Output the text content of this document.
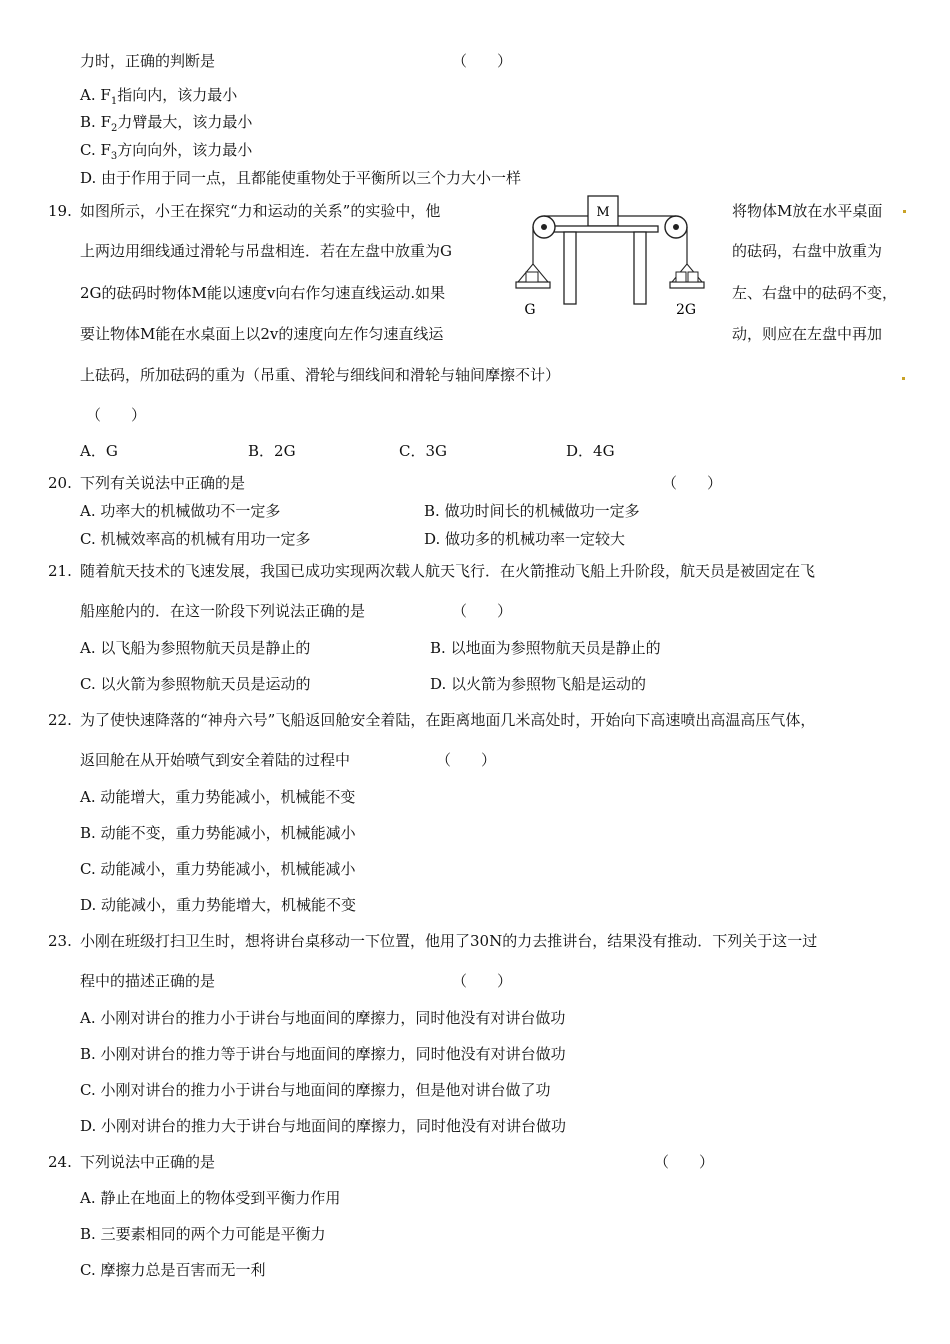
力时，正确的判断是	（　　）
A. $F_1$指向内，该力最小
B. $F_2$力臂最大，该力最小
C. $F_3$方向向外，该力最小
D. 由于作用于同一点，且都能使重物处于平衡所以三个力大小一样
19. 如图所示，小王在探究“力和运动的关系”的实验中，他	将物体M放在水平桌面
上两边用细线通过滑轮与吊盘相连．若在左盘中放重为G	的砝码，右盘中放重为
2G的砝码时物体M能以速度v向右作匀速直线运动.如果	左、右盘中的砝码不变，
要让物体M能在水桌面上以2v的速度向左作匀速直线运	动，则应在左盘中再加
M
G	2G
上砝码，所加砝码的重为（吊重、滑轮与细线间和滑轮与轴间摩擦不计）
（　　）
A．G	B．2G	C．3G	D．4G
20. 下列有关说法中正确的是	（　　）
A. 功率大的机械做功不一定多	B. 做功时间长的机械做功一定多
C. 机械效率高的机械有用功一定多	D. 做功多的机械功率一定较大
21. 随着航天技术的飞速发展，我国已成功实现两次载人航天飞行．在火箭推动飞船上升阶段，航天员是被固定在飞
船座舱内的．在这一阶段下列说法正确的是	（　　）
A. 以飞船为参照物航天员是静止的	B. 以地面为参照物航天员是静止的
C. 以火箭为参照物航天员是运动的	D. 以火箭为参照物飞船是运动的
22. 为了使快速降落的“神舟六号”飞船返回舱安全着陆，在距离地面几米高处时，开始向下高速喷出高温高压气体，
返回舱在从开始喷气到安全着陆的过程中	（　　）
A. 动能增大，重力势能减小，机械能不变
B. 动能不变，重力势能减小，机械能减小
C. 动能减小，重力势能减小，机械能减小
D. 动能减小，重力势能增大，机械能不变
23. 小刚在班级打扫卫生时，想将讲台桌移动一下位置，他用了30N的力去推讲台，结果没有推动．下列关于这一过
程中的描述正确的是	（　　）
A. 小刚对讲台的推力小于讲台与地面间的摩擦力，同时他没有对讲台做功
B. 小刚对讲台的推力等于讲台与地面间的摩擦力，同时他没有对讲台做功
C. 小刚对讲台的推力小于讲台与地面间的摩擦力，但是他对讲台做了功
D. 小刚对讲台的推力大于讲台与地面间的摩擦力，同时他没有对讲台做功
24. 下列说法中正确的是	（　　）
A. 静止在地面上的物体受到平衡力作用
B. 三要素相同的两个力可能是平衡力
C. 摩擦力总是百害而无一利
